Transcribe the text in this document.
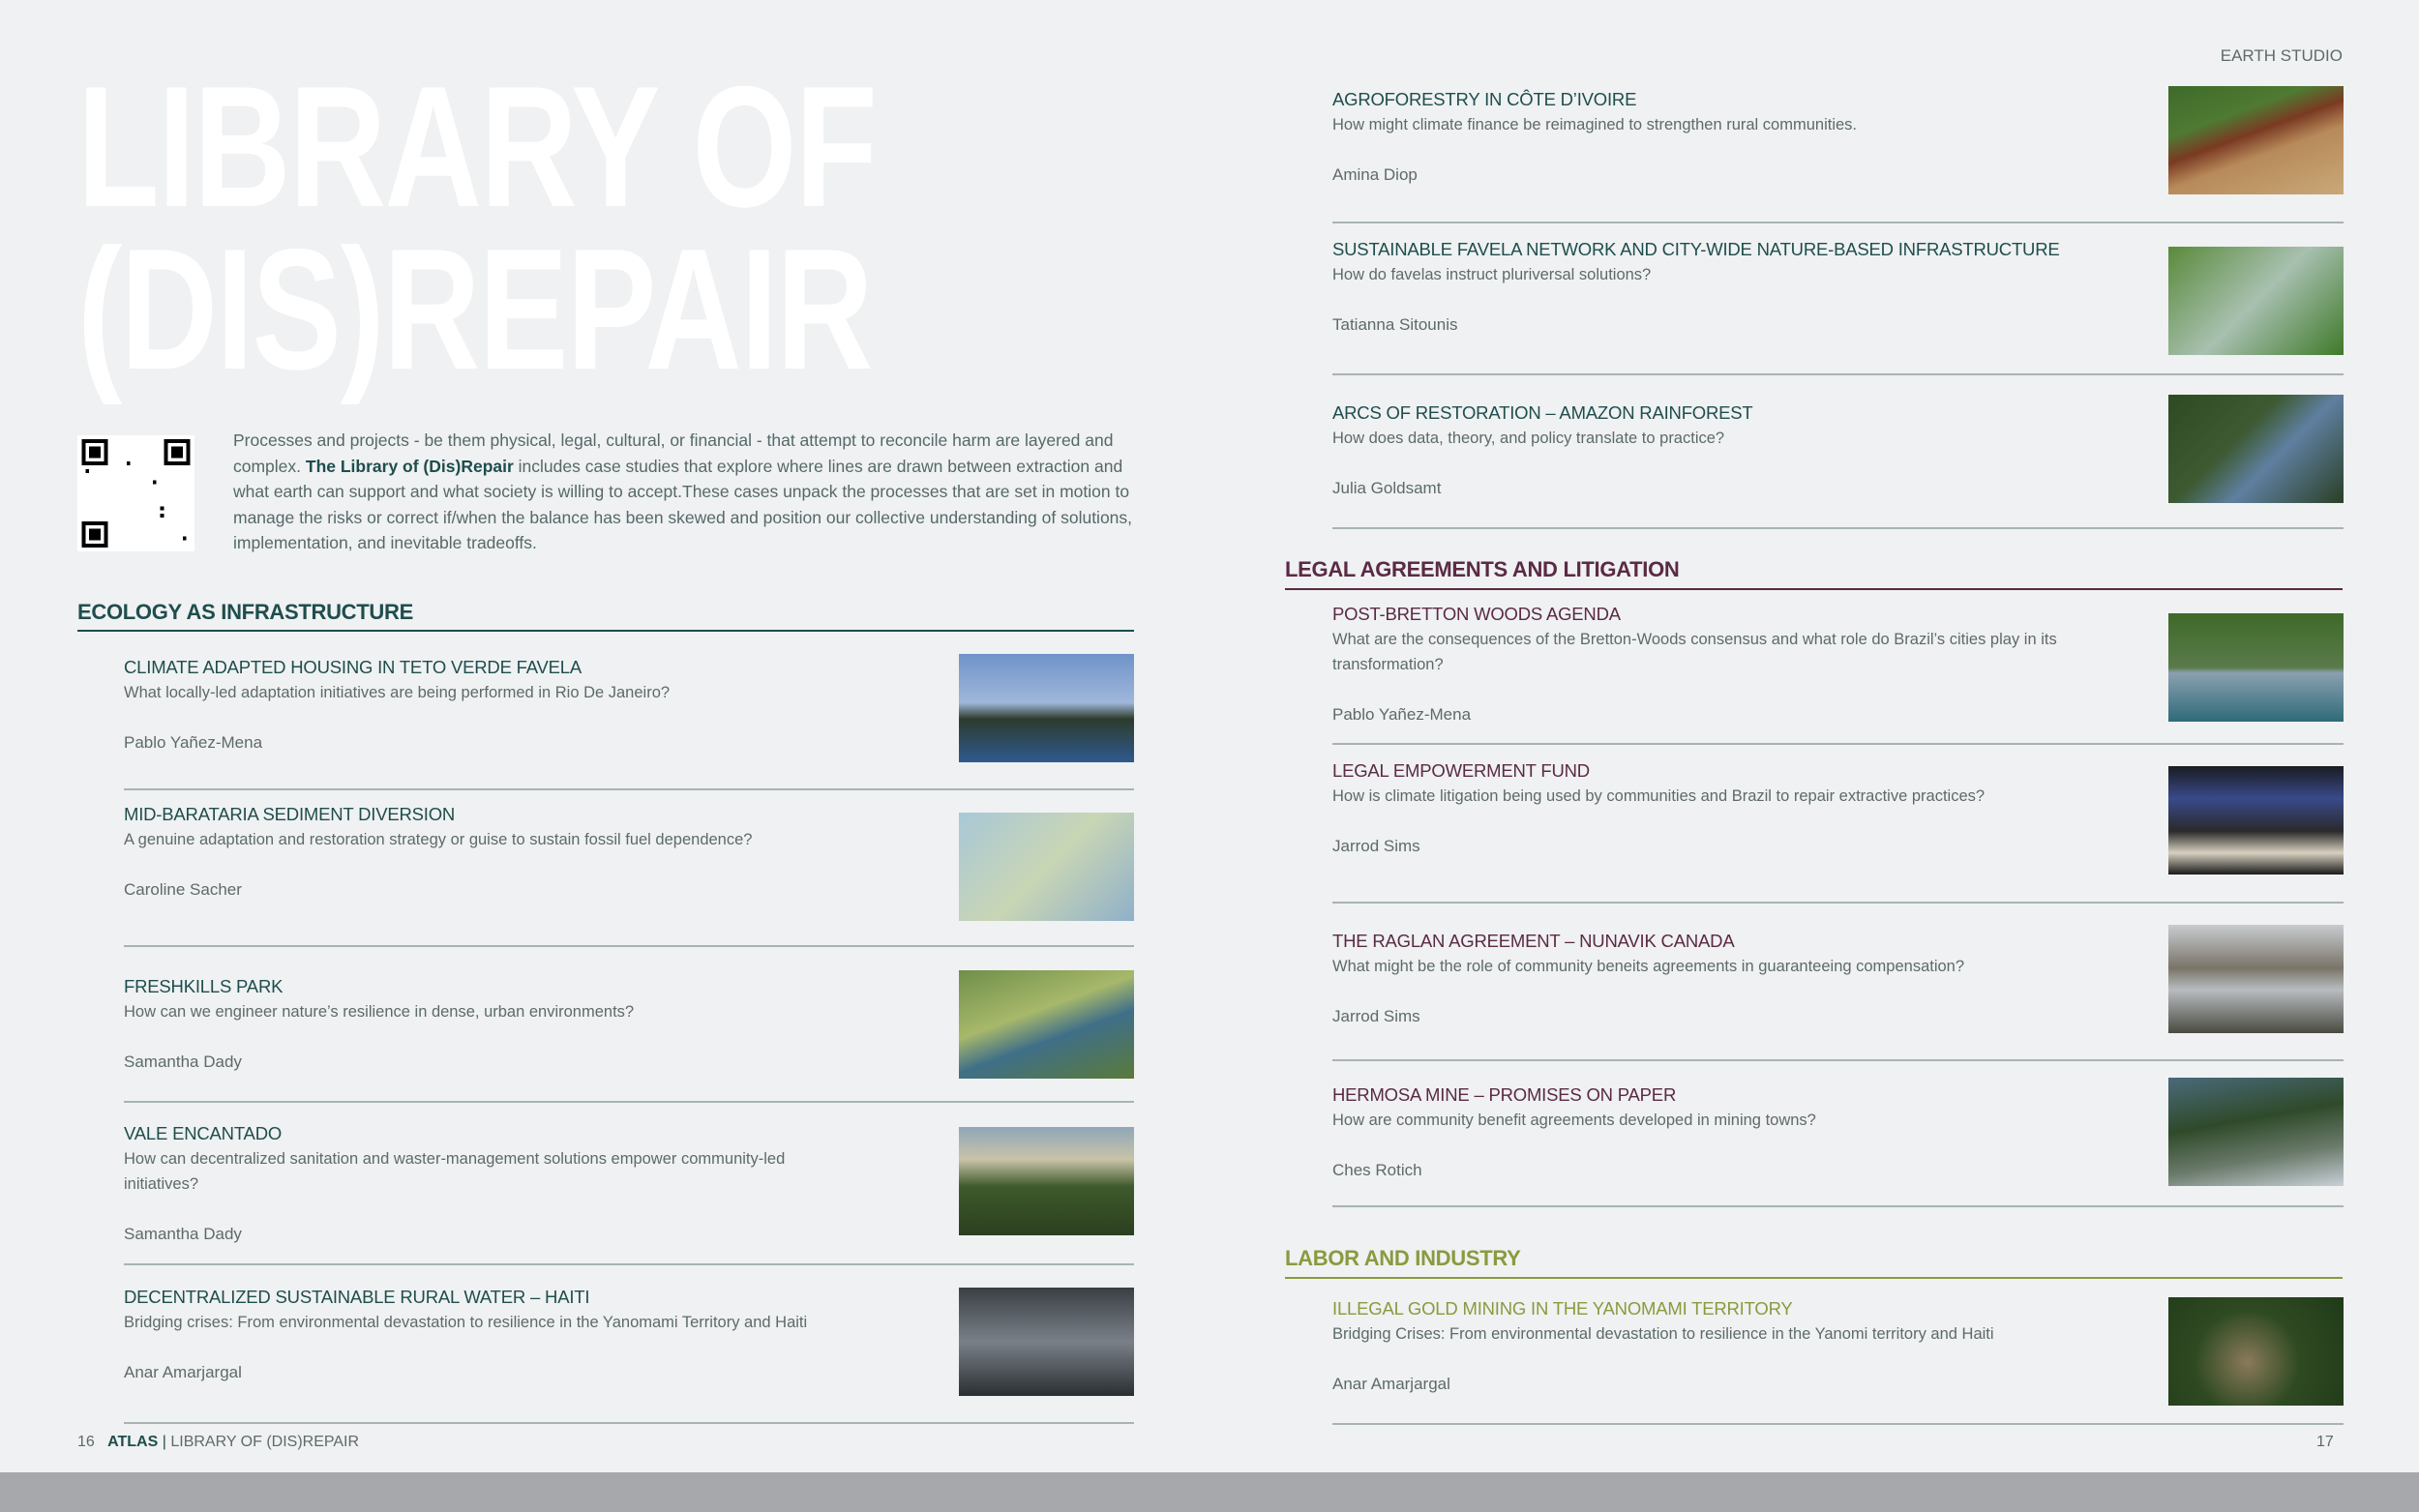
EARTH STUDIO
LIBRARY OF
(DIS)REPAIR
Processes and projects - be them physical, legal, cultural, or financial - that attempt to reconcile harm are layered and complex. The Library of (Dis)Repair includes case studies that explore where lines are drawn between extraction and what earth can support and what society is willing to accept.These cases unpack the processes that are set in motion to manage the risks or correct if/when the balance has been skewed and position our collective understanding of solutions, implementation, and inevitable tradeoffs.
ECOLOGY AS INFRASTRUCTURE
CLIMATE ADAPTED HOUSING IN TETO VERDE FAVELA
What locally-led adaptation initiatives are being performed in Rio De Janeiro?
Pablo Yañez-Mena
MID-BARATARIA SEDIMENT DIVERSION
A genuine adaptation and restoration strategy or guise to sustain fossil fuel dependence?
Caroline Sacher
FRESHKILLS PARK
How can we engineer nature’s resilience in dense, urban environments?
Samantha Dady
VALE ENCANTADO
How can decentralized sanitation and waster-management solutions empower community-led initiatives?
Samantha Dady
DECENTRALIZED SUSTAINABLE RURAL WATER – HAITI
Bridging crises: From environmental devastation to resilience in the Yanomami Territory and Haiti
Anar Amarjargal
AGROFORESTRY IN CÔTE D’IVOIRE
How might climate finance be reimagined to strengthen rural communities.
Amina Diop
SUSTAINABLE FAVELA NETWORK AND CITY-WIDE NATURE-BASED INFRASTRUCTURE
How do favelas instruct pluriversal solutions?
Tatianna Sitounis
ARCS OF RESTORATION – AMAZON RAINFOREST
How does data, theory, and policy translate to practice?
Julia Goldsamt
POST-BRETTON WOODS AGENDA
What are the consequences of the Bretton-Woods consensus and what role do Brazil’s cities play in its transformation?
Pablo Yañez-Mena
LEGAL EMPOWERMENT FUND
How is climate litigation being used by communities and Brazil to repair extractive practices?
Jarrod Sims
THE RAGLAN AGREEMENT – NUNAVIK CANADA
What might be the role of community beneits agreements in guaranteeing compensation?
Jarrod Sims
HERMOSA MINE – PROMISES ON PAPER
How are community benefit agreements developed in mining towns?
Ches Rotich
ILLEGAL GOLD MINING IN THE YANOMAMI TERRITORY
Bridging Crises: From environmental devastation to resilience in the Yanomi territory and Haiti
Anar Amarjargal
LEGAL AGREEMENTS AND LITIGATION
LABOR AND INDUSTRY
16 ATLAS | LIBRARY OF (DIS)REPAIR	17
